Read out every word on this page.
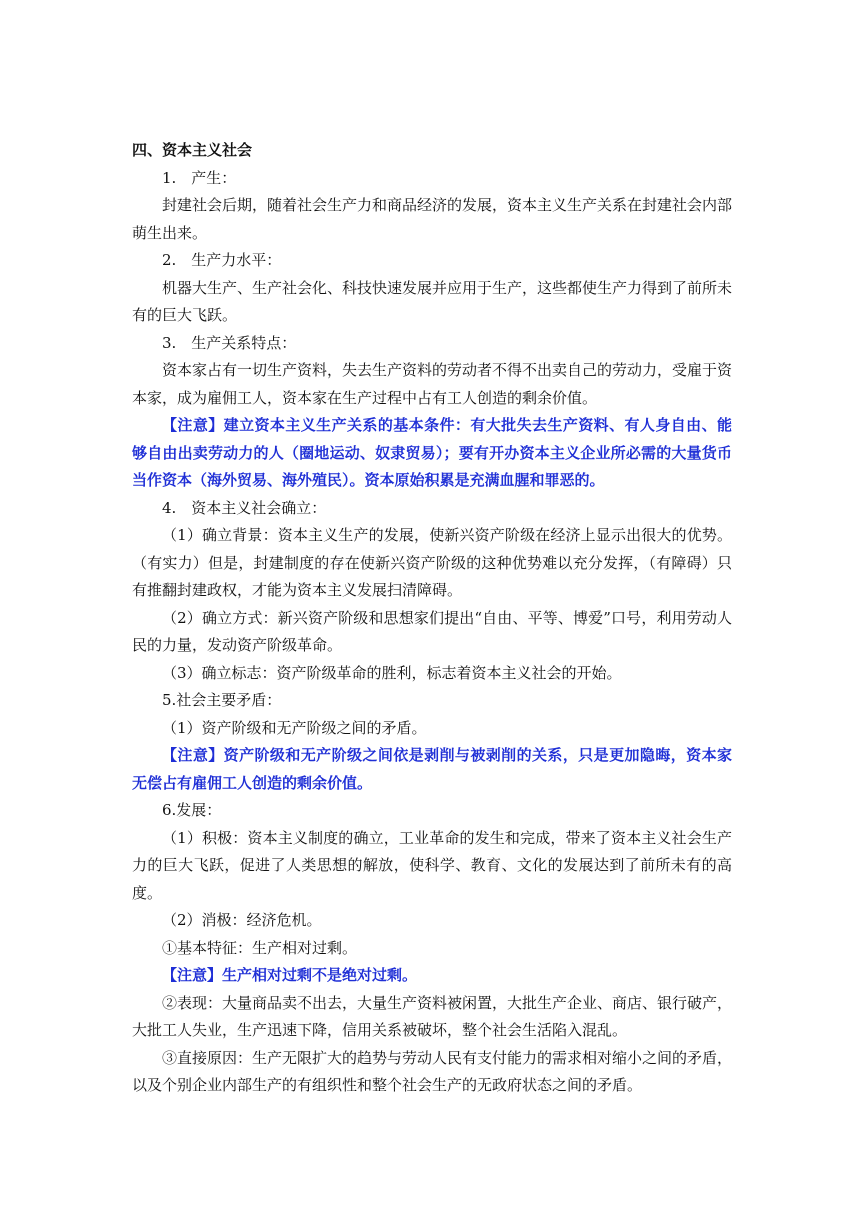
四、资本主义社会

1.　产生：

封建社会后期，随着社会生产力和商品经济的发展，资本主义生产关系在封建社会内部萌生出来。

2.　生产力水平：

机器大生产、生产社会化、科技快速发展并应用于生产，这些都使生产力得到了前所未有的巨大飞跃。

3.　生产关系特点：

资本家占有一切生产资料，失去生产资料的劳动者不得不出卖自己的劳动力，受雇于资本家，成为雇佣工人，资本家在生产过程中占有工人创造的剩余价值。

【注意】建立资本主义生产关系的基本条件：有大批失去生产资料、有人身自由、能够自由出卖劳动力的人（圈地运动、奴隶贸易）；要有开办资本主义企业所必需的大量货币当作资本（海外贸易、海外殖民）。资本原始积累是充满血腥和罪恶的。

4.　资本主义社会确立：

（1）确立背景：资本主义生产的发展，使新兴资产阶级在经济上显示出很大的优势。（有实力）但是，封建制度的存在使新兴资产阶级的这种优势难以充分发挥，（有障碍）只有推翻封建政权，才能为资本主义发展扫清障碍。

（2）确立方式：新兴资产阶级和思想家们提出“自由、平等、博爱”口号，利用劳动人民的力量，发动资产阶级革命。

（3）确立标志：资产阶级革命的胜利，标志着资本主义社会的开始。

5.社会主要矛盾：

（1）资产阶级和无产阶级之间的矛盾。

【注意】资产阶级和无产阶级之间依是剥削与被剥削的关系，只是更加隐晦，资本家无偿占有雇佣工人创造的剩余价值。

6.发展：

（1）积极：资本主义制度的确立，工业革命的发生和完成，带来了资本主义社会生产力的巨大飞跃，促进了人类思想的解放，使科学、教育、文化的发展达到了前所未有的高度。

（2）消极：经济危机。

①基本特征：生产相对过剩。

【注意】生产相对过剩不是绝对过剩。

②表现：大量商品卖不出去，大量生产资料被闲置，大批生产企业、商店、银行破产，大批工人失业，生产迅速下降，信用关系被破坏，整个社会生活陷入混乱。

③直接原因：生产无限扩大的趋势与劳动人民有支付能力的需求相对缩小之间的矛盾，以及个别企业内部生产的有组织性和整个社会生产的无政府状态之间的矛盾。
